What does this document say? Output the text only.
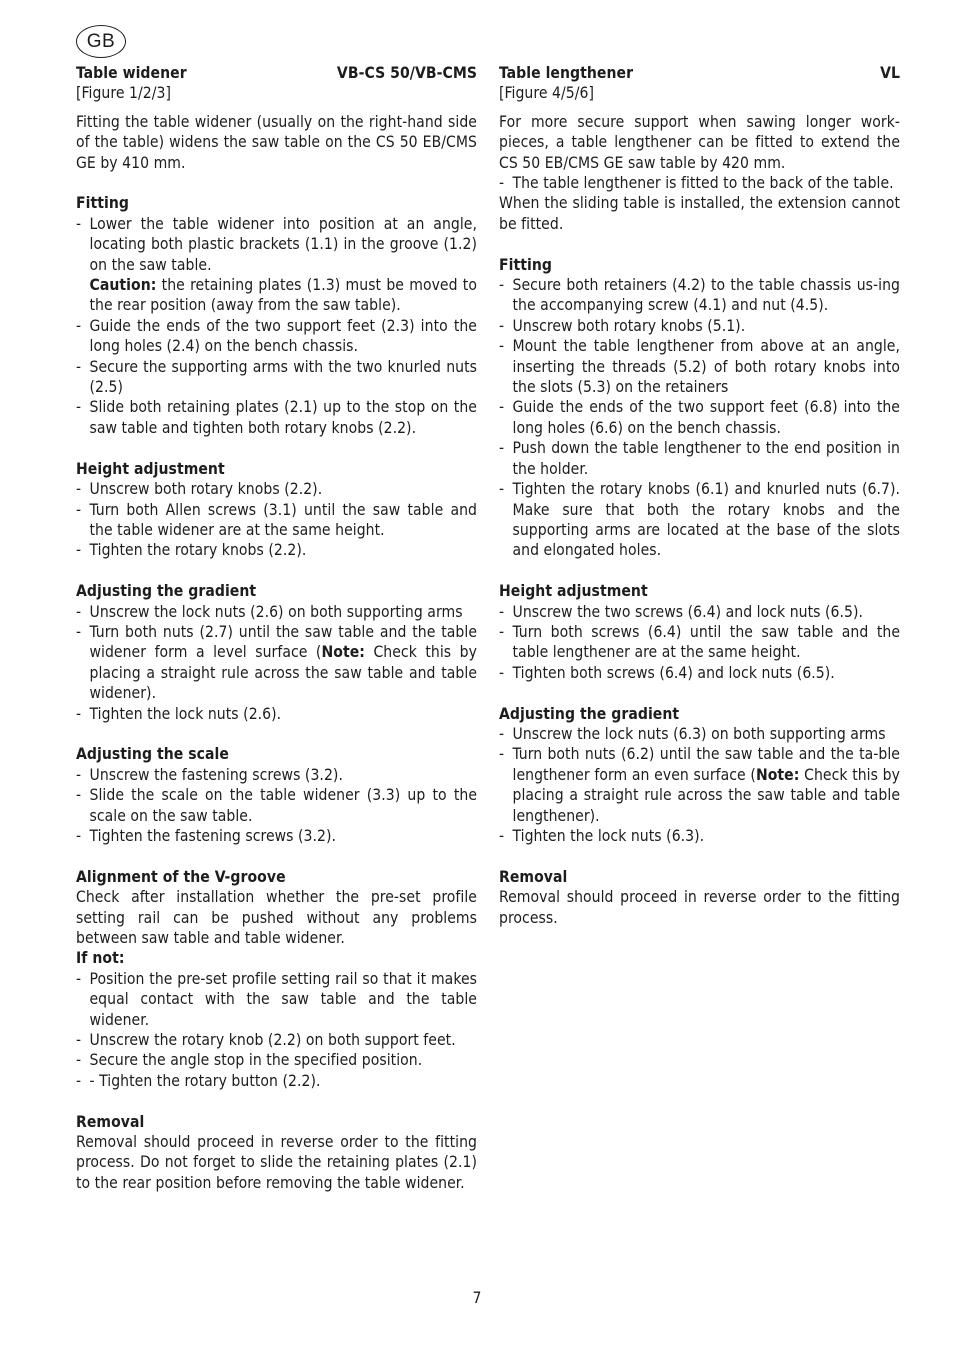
GB
Table widener	VB-CS 50/VB-CMS
[Figure 1/2/3]

Fitting the table widener (usually on the right-hand side of the table) widens the saw table on the CS 50 EB/CMS GE by 410 mm.

Fitting
- Lower the table widener into position at an angle, locating both plastic brackets (1.1) in the groove (1.2) on the saw table.
Caution: the retaining plates (1.3) must be moved to the rear position (away from the saw table).
- Guide the ends of the two support feet (2.3) into the long holes (2.4) on the bench chassis.
- Secure the supporting arms with the two knurled nuts (2.5)
- Slide both retaining plates (2.1) up to the stop on the saw table and tighten both rotary knobs (2.2).
Height adjustment
- Unscrew both rotary knobs (2.2).
- Turn both Allen screws (3.1) until the saw table and the table widener are at the same height.
- Tighten the rotary knobs (2.2).
Adjusting the gradient
- Unscrew the lock nuts (2.6) on both supporting arms
- Turn both nuts (2.7) until the saw table and the table widener form a level surface (Note: Check this by placing a straight rule across the saw table and table widener).
- Tighten the lock nuts (2.6).
Adjusting the scale
- Unscrew the fastening screws (3.2).
- Slide the scale on the table widener (3.3) up to the scale on the saw table.
- Tighten the fastening screws (3.2).
Alignment of the V-groove

Check after installation whether the pre-set profile setting rail can be pushed without any problems between saw table and table widener.

If not:
- Position the pre-set profile setting rail so that it makes equal contact with the saw table and the table widener.
- Unscrew the rotary knob (2.2) on both support feet.
- Secure the angle stop in the specified position.
- - Tighten the rotary button (2.2).
Removal

Removal should proceed in reverse order to the fitting process. Do not forget to slide the retaining plates (2.1) to the rear position before removing the table widener.

Table lengthener	VL
[Figure 4/5/6]

For more secure support when sawing longer work-pieces, a table lengthener can be fitted to extend the CS 50 EB/CMS GE saw table by 420 mm.

- The table lengthener is fitted to the back of the table.

When the sliding table is installed, the extension cannot be fitted.

Fitting
- Secure both retainers (4.2) to the table chassis us-ing the accompanying screw (4.1) and nut (4.5).
- Unscrew both rotary knobs (5.1).
- Mount the table lengthener from above at an angle, inserting the threads (5.2) of both rotary knobs into the slots (5.3) on the retainers
- Guide the ends of the two support feet (6.8) into the long holes (6.6) on the bench chassis.
- Push down the table lengthener to the end position in the holder.
- Tighten the rotary knobs (6.1) and knurled nuts (6.7). Make sure that both the rotary knobs and the supporting arms are located at the base of the slots and elongated holes.
Height adjustment
- Unscrew the two screws (6.4) and lock nuts (6.5).
- Turn both screws (6.4) until the saw table and the table lengthener are at the same height.
- Tighten both screws (6.4) and lock nuts (6.5).
Adjusting the gradient
- Unscrew the lock nuts (6.3) on both supporting arms
- Turn both nuts (6.2) until the saw table and the ta-ble lengthener form an even surface (Note: Check this by placing a straight rule across the saw table and table lengthener).
- Tighten the lock nuts (6.3).
Removal

Removal should proceed in reverse order to the fitting process.

7
